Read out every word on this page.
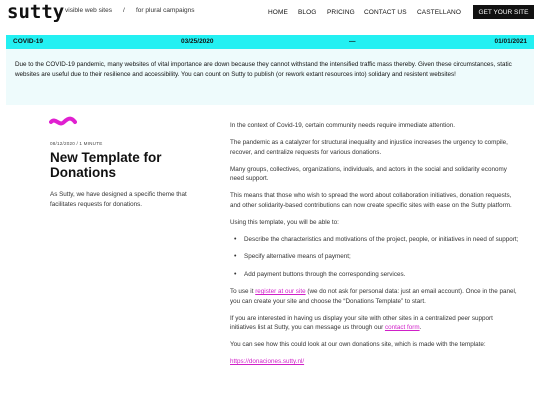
sutty visible web sites / for plural campaigns	HOME BLOG PRICING CONTACT US CASTELLANO	GET YOUR SITE
COVID-19	03/25/2020	—	01/01/2021
Due to the COVID-19 pandemic, many websites of vital importance are down because they cannot withstand the intensified traffic mass thereby. Given these circumstances, static websites are useful due to their resilience and accessibility. You can count on Sutty to publish (or rework extant resources into) solidary and resistent websites!
08/12/2020 / 1 MINUTE
New Template for Donations
As Sutty, we have designed a specific theme that facilitates requests for donations.

In the context of Covid-19, certain community needs require immediate attention.

The pandemic as a catalyzer for structural inequality and injustice increases the urgency to compile, recover, and centralize requests for various donations.

Many groups, collectives, organizations, individuals, and actors in the social and solidarity economy need support.

This means that those who wish to spread the word about collaboration initiatives, donation requests, and other solidarity-based contributions can now create specific sites with ease on the Sutty platform.

Using this template, you will be able to:

• Describe the characteristics and motivations of the project, people, or initiatives in need of support;
• Specify alternative means of payment;
• Add payment buttons through the corresponding services.

To use it register at our site (we do not ask for personal data: just an email account). Once in the panel, you can create your site and choose the “Donations Template” to start.

If you are interested in having us display your site with other sites in a centralized peer support initiatives list at Sutty, you can message us through our contact form.

You can see how this could look at our own donations site, which is made with the template:

https://donaciones.sutty.nl/
